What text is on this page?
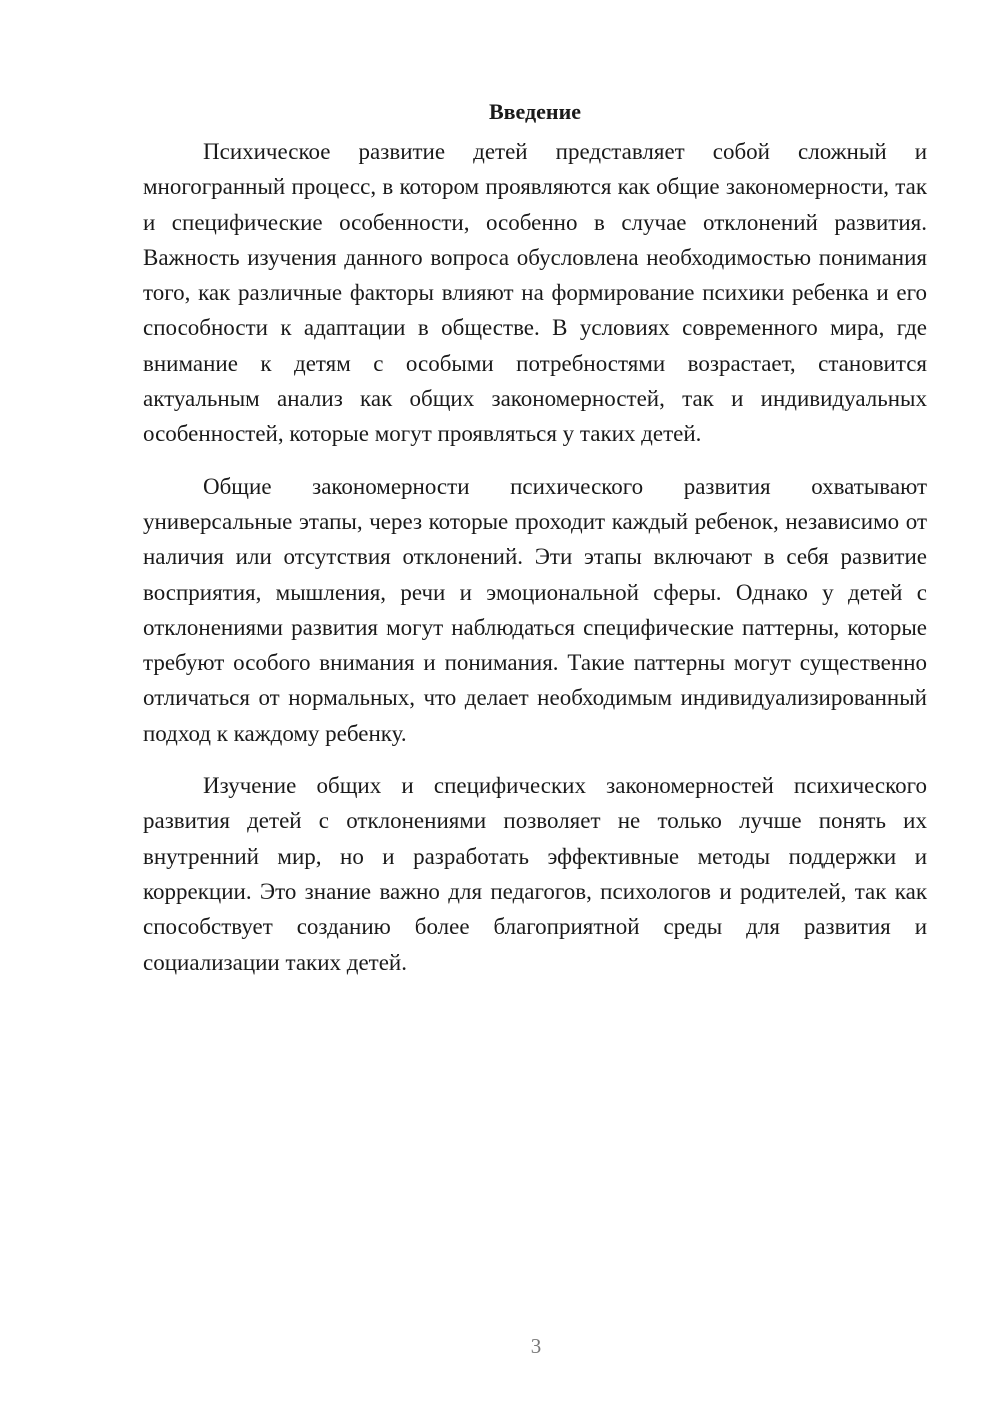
Введение

Психическое развитие детей представляет собой сложный и многогранный процесс, в котором проявляются как общие закономерности, так и специфические особенности, особенно в случае отклонений развития. Важность изучения данного вопроса обусловлена необходимостью понимания того, как различные факторы влияют на формирование психики ребенка и его способности к адаптации в обществе. В условиях современного мира, где внимание к детям с особыми потребностями возрастает, становится актуальным анализ как общих закономерностей, так и индивидуальных особенностей, которые могут проявляться у таких детей.

Общие закономерности психического развития охватывают универсальные этапы, через которые проходит каждый ребенок, независимо от наличия или отсутствия отклонений. Эти этапы включают в себя развитие восприятия, мышления, речи и эмоциональной сферы. Однако у детей с отклонениями развития могут наблюдаться специфические паттерны, которые требуют особого внимания и понимания. Такие паттерны могут существенно отличаться от нормальных, что делает необходимым индивидуализированный подход к каждому ребенку.

Изучение общих и специфических закономерностей психического развития детей с отклонениями позволяет не только лучше понять их внутренний мир, но и разработать эффективные методы поддержки и коррекции. Это знание важно для педагогов, психологов и родителей, так как способствует созданию более благоприятной среды для развития и социализации таких детей.

3
